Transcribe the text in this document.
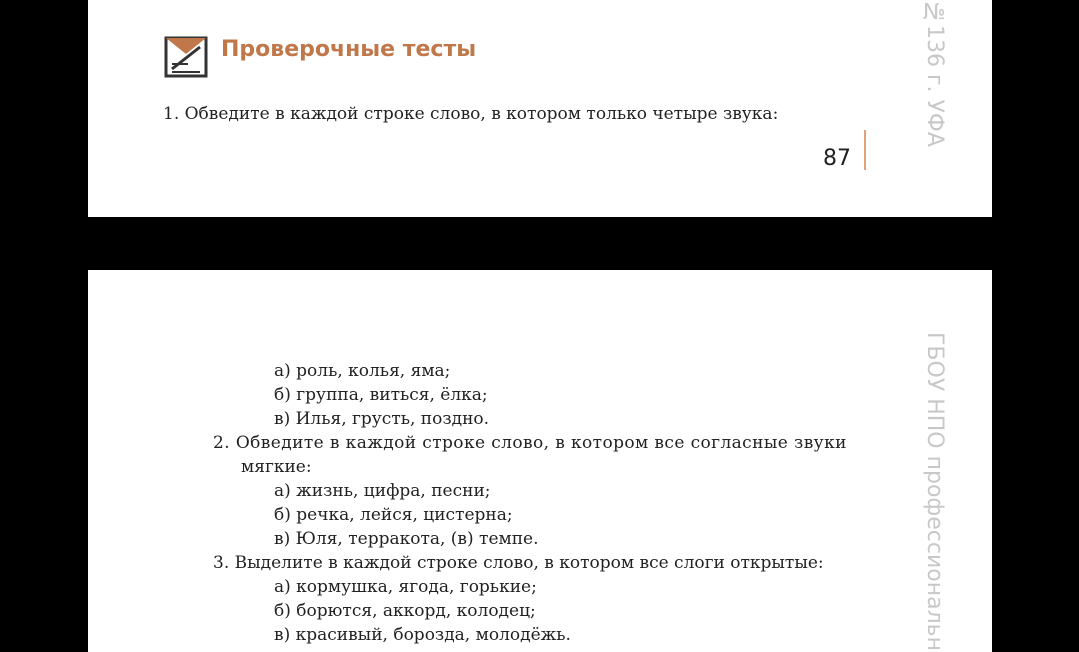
Проверочные тесты
1. Обведите в каждой строке слово, в котором только четыре звука:
87
№136 г. УФА
ГБОУ НПО профессиональн
а) роль, колья, яма;
б) группа, виться, ёлка;
в) Илья, грусть, поздно.
2. Обведите в каждой строке слово, в котором все согласные звуки
мягкие:
а) жизнь, цифра, песни;
б) речка, лейся, цистерна;
в) Юля, терракота, (в) темпе.
3. Выделите в каждой строке слово, в котором все слоги открытые:
а) кормушка, ягода, горькие;
б) борются, аккорд, колодец;
в) красивый, борозда, молодёжь.
